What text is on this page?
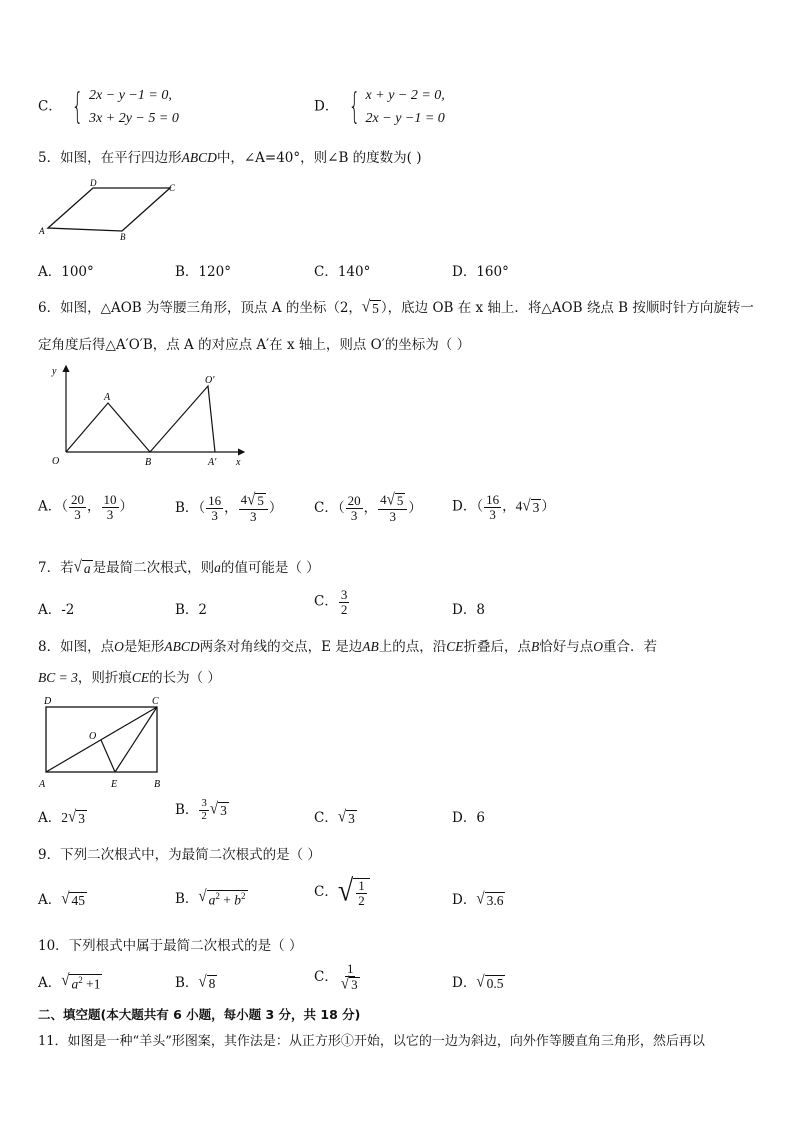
C． { 2x − y −1 = 0,
3x + 2y − 5 = 0
D． { x + y − 2 = 0,
2x − y −1 = 0
5．如图，在平行四边形ABCD中，∠A=40°，则∠B 的度数为( )
D	C
A
B
A．100°	B．120°	C．140°	D．160°
6．如图，△AOB 为等腰三角形，顶点 A 的坐标（2， √ 5 ），底边 OB 在 x 轴上．将△AOB 绕点 B 按顺时针方向旋转一
定角度后得△A′O′B，点 A 的对应点 A′在 x 轴上，则点 O′的坐标为（ ）
y
O′
A
O	B	A′ x
A．（ $\frac{20}{3}$ ， $\frac{10}{3}$ ）	B．（ $\frac{16}{3}$ ， $\frac{4 √ 5}{3}$ ） C．（ $\frac{20}{3}$ ， $\frac{4 √ 5}{3}$ ） D．（ $\frac{16}{3}$ ，4 √ 3 ）
7．若 √ a 是最简二次根式，则a的值可能是（ ）
A．-2	B．2
C． $\frac{3}{2}$	D．8
8．如图，点O是矩形ABCD两条对角线的交点，E 是边AB上的点，沿CE折叠后，点B恰好与点O重合．若
BC = 3，则折痕CE的长为（ ）
D	C
O
A	E	B
A．2 √ 3
B． $\frac{3}{2}$ √ 3	C． √ 3	D．6
9．下列二次根式中，为最简二次根式的是（ ）
A． √ 45	B． √ $a^2 + b^2$	C． √ $\frac{1}{2}$	D． √ 3.6
10．下列根式中属于最简二次根式的是（ ）
A． √ $a^2 +1$	B． √ 8	C． $\frac{1}{√ 3}$	D． √ 0.5
二、填空题(本大题共有 6 小题，每小题 3 分，共 18 分)
11．如图是一种“羊头”形图案，其作法是：从正方形①开始，以它的一边为斜边，向外作等腰直角三角形，然后再以
